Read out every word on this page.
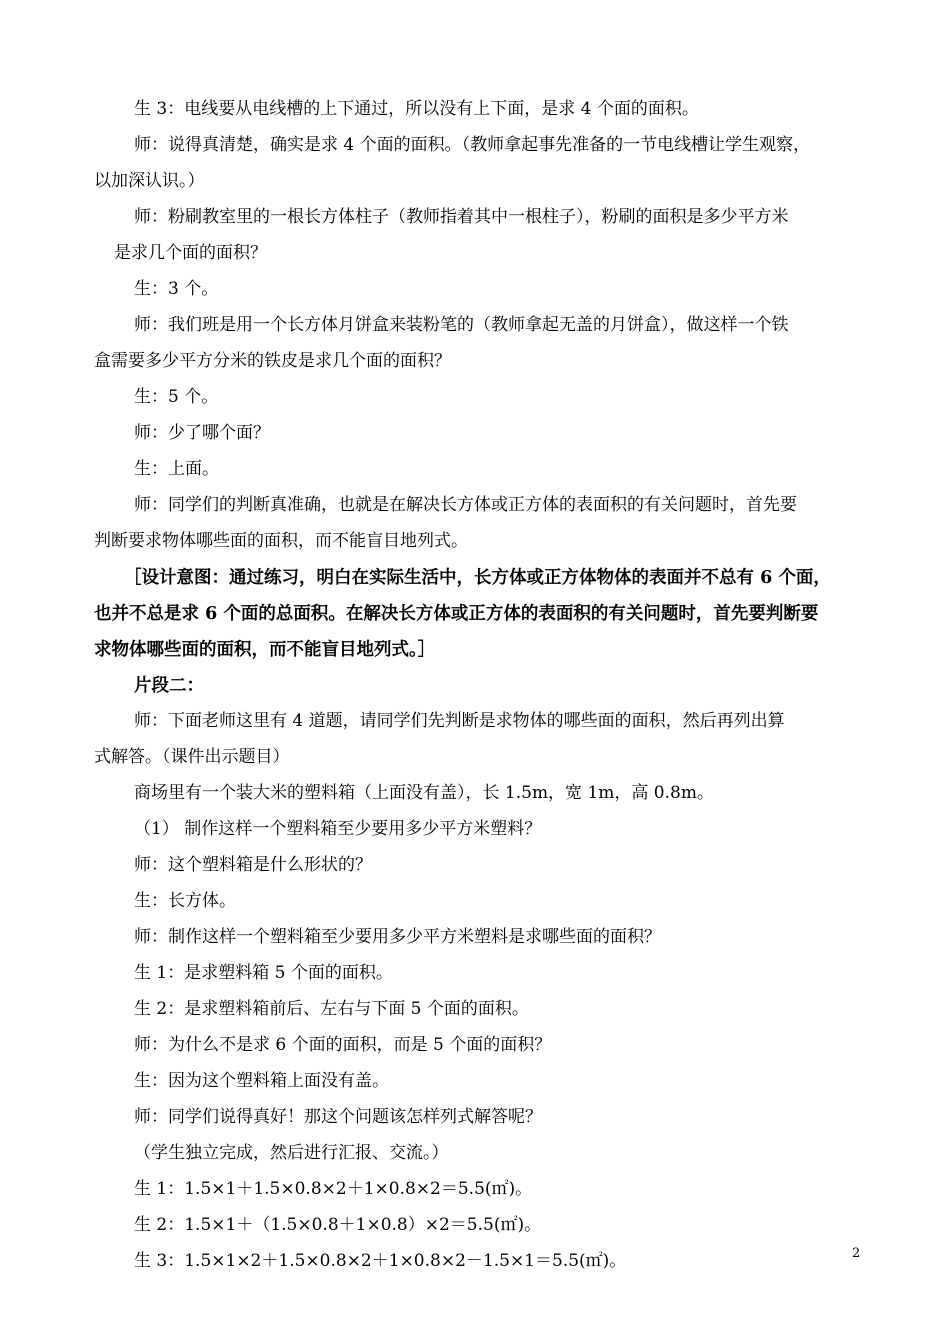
生 3：电线要从电线槽的上下通过，所以没有上下面，是求 4 个面的面积。
师：说得真清楚，确实是求 4 个面的面积。（教师拿起事先准备的一节电线槽让学生观察，
以加深认识。）
师：粉刷教室里的一根长方体柱子（教师指着其中一根柱子），粉刷的面积是多少平方米
是求几个面的面积？
生：3 个。
师：我们班是用一个长方体月饼盒来装粉笔的（教师拿起无盖的月饼盒），做这样一个铁
盒需要多少平方分米的铁皮是求几个面的面积？
生：5 个。
师：少了哪个面？
生：上面。
师：同学们的判断真准确，也就是在解决长方体或正方体的表面积的有关问题时，首先要
判断要求物体哪些面的面积，而不能盲目地列式。
［设计意图：通过练习，明白在实际生活中，长方体或正方体物体的表面并不总有 6 个面，
也并不总是求 6 个面的总面积。在解决长方体或正方体的表面积的有关问题时，首先要判断要
求物体哪些面的面积，而不能盲目地列式。］
片段二：
师：下面老师这里有 4 道题，请同学们先判断是求物体的哪些面的面积，然后再列出算
式解答。（课件出示题目）
商场里有一个装大米的塑料箱（上面没有盖），长 1.5m，宽 1m，高 0.8m。
（1） 制作这样一个塑料箱至少要用多少平方米塑料？
师：这个塑料箱是什么形状的？
生：长方体。
师：制作这样一个塑料箱至少要用多少平方米塑料是求哪些面的面积？
生 1：是求塑料箱 5 个面的面积。
生 2：是求塑料箱前后、左右与下面 5 个面的面积。
师：为什么不是求 6 个面的面积，而是 5 个面的面积？
生：因为这个塑料箱上面没有盖。
师：同学们说得真好！那这个问题该怎样列式解答呢？
（学生独立完成，然后进行汇报、交流。）
生 1：1.5×1＋1.5×0.8×2＋1×0.8×2＝5.5(㎡)。
生 2：1.5×1＋（1.5×0.8＋1×0.8）×2＝5.5(㎡)。
生 3：1.5×1×2＋1.5×0.8×2＋1×0.8×2－1.5×1＝5.5(㎡)。	2
